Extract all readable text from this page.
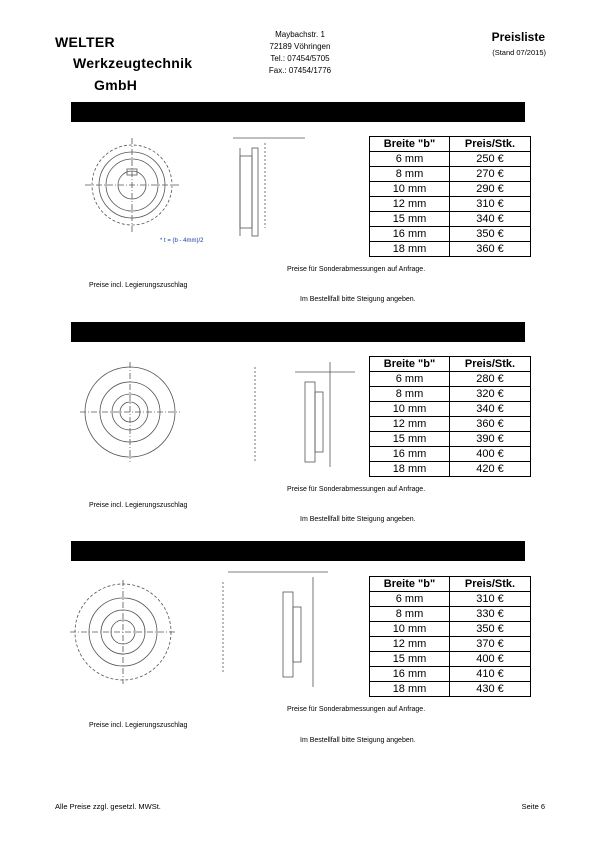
WELTER
Werkzeugtechnik
GmbH
Maybachstr. 1
72189 Vöhringen
Tel.: 07454/5705
Fax.: 07454/1776
Preisliste
(Stand 07/2015)
* t = (b - 4mm)/2
Breite "b"	Preis/Stk.
6 mm	250 €
8 mm	270 €
10 mm	290 €
12 mm	310 €
15 mm	340 €
16 mm	350 €
18 mm	360 €
Preise für Sonderabmessungen auf Anfrage.
Preise incl. Legierungszuschlag
Im Bestellfall bitte Steigung angeben.
Breite "b"	Preis/Stk.
6 mm	280 €
8 mm	320 €
10 mm	340 €
12 mm	360 €
15 mm	390 €
16 mm	400 €
18 mm	420 €
Preise für Sonderabmessungen auf Anfrage.
Preise incl. Legierungszuschlag
Im Bestellfall bitte Steigung angeben.
Breite "b"	Preis/Stk.
6 mm	310 €
8 mm	330 €
10 mm	350 €
12 mm	370 €
15 mm	400 €
16 mm	410 €
18 mm	430 €
Preise für Sonderabmessungen auf Anfrage.
Preise incl. Legierungszuschlag
Im Bestellfall bitte Steigung angeben.
Alle Preise zzgl. gesetzl. MWSt.	Seite 6
